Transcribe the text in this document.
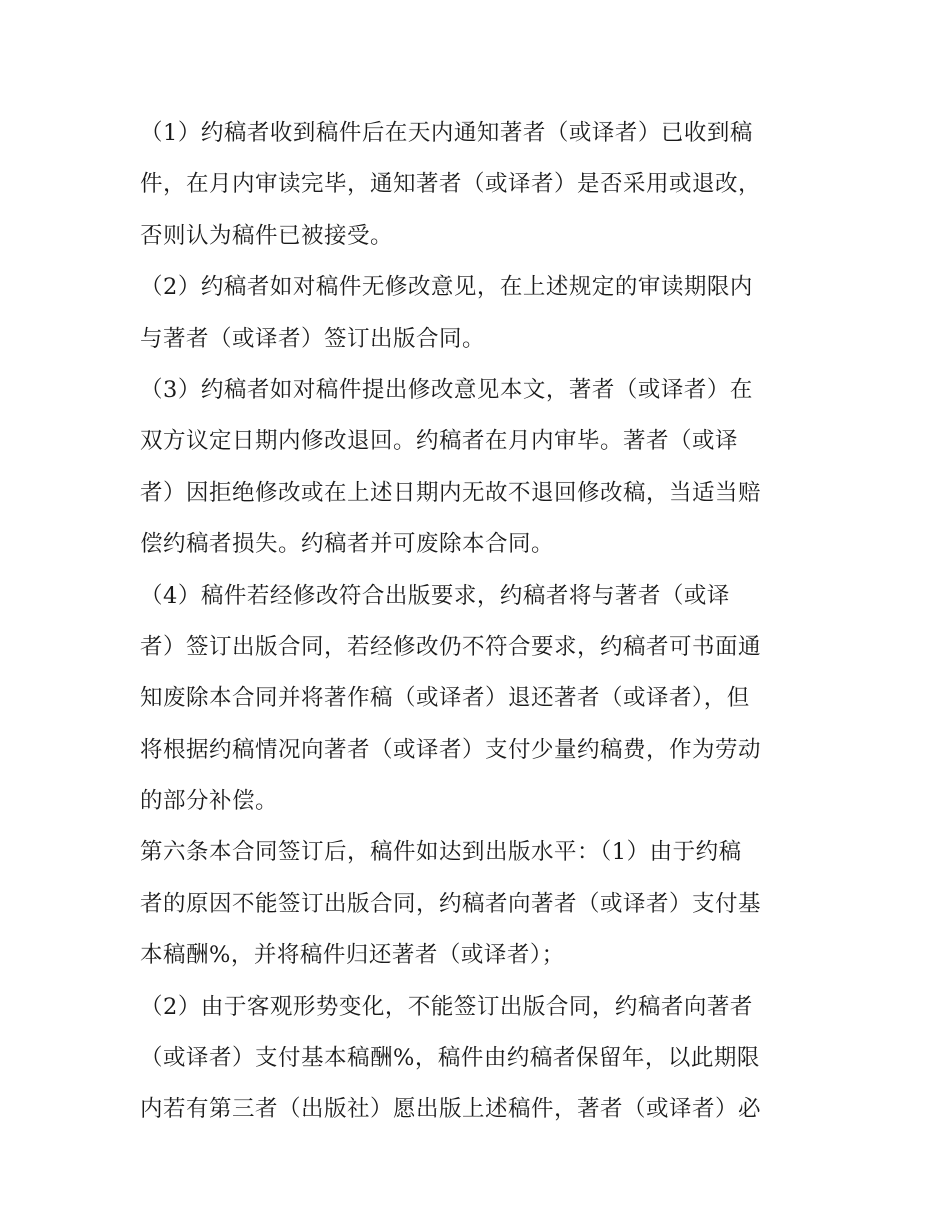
（1）约稿者收到稿件后在天内通知著者（或译者）已收到稿
件，在月内审读完毕，通知著者（或译者）是否采用或退改，
否则认为稿件已被接受。
（2）约稿者如对稿件无修改意见，在上述规定的审读期限内
与著者（或译者）签订出版合同。
（3）约稿者如对稿件提出修改意见本文，著者（或译者）在
双方议定日期内修改退回。约稿者在月内审毕。著者（或译
者）因拒绝修改或在上述日期内无故不退回修改稿，当适当赔
偿约稿者损失。约稿者并可废除本合同。
（4）稿件若经修改符合出版要求，约稿者将与著者（或译
者）签订出版合同，若经修改仍不符合要求，约稿者可书面通
知废除本合同并将著作稿（或译者）退还著者（或译者），但
将根据约稿情况向著者（或译者）支付少量约稿费，作为劳动
的部分补偿。
第六条本合同签订后，稿件如达到出版水平：（1）由于约稿
者的原因不能签订出版合同，约稿者向著者（或译者）支付基
本稿酬%，并将稿件归还著者（或译者）；
（2）由于客观形势变化，不能签订出版合同，约稿者向著者
（或译者）支付基本稿酬%，稿件由约稿者保留年，以此期限
内若有第三者（出版社）愿出版上述稿件，著者（或译者）必
